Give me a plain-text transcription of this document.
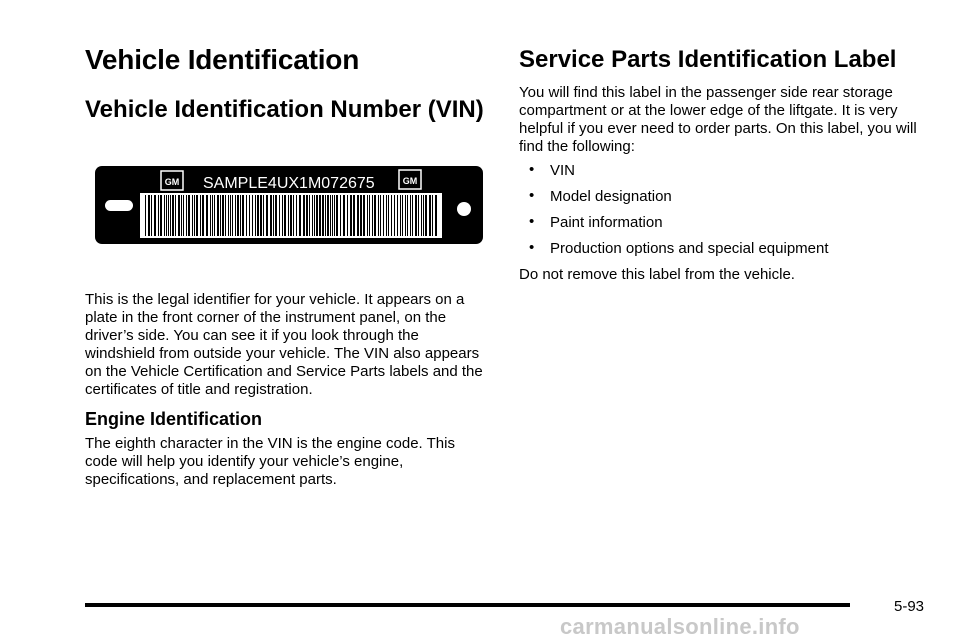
Vehicle Identification
Vehicle Identification Number (VIN)
GM	GM
SAMPLE4UX1M072675

This is the legal identifier for your vehicle. It appears on a plate in the front corner of the instrument panel, on the driver’s side. You can see it if you look through the windshield from outside your vehicle. The VIN also appears on the Vehicle Certification and Service Parts labels and the certificates of title and registration.

Engine Identification

The eighth character in the VIN is the engine code. This code will help you identify your vehicle’s engine, specifications, and replacement parts.

Service Parts Identification Label

You will find this label in the passenger side rear storage compartment or at the lower edge of the liftgate. It is very helpful if you ever need to order parts. On this label, you will find the following:

• VIN
• Model designation
• Paint information
• Production options and special equipment

Do not remove this label from the vehicle.

5-93
carmanualsonline.info
